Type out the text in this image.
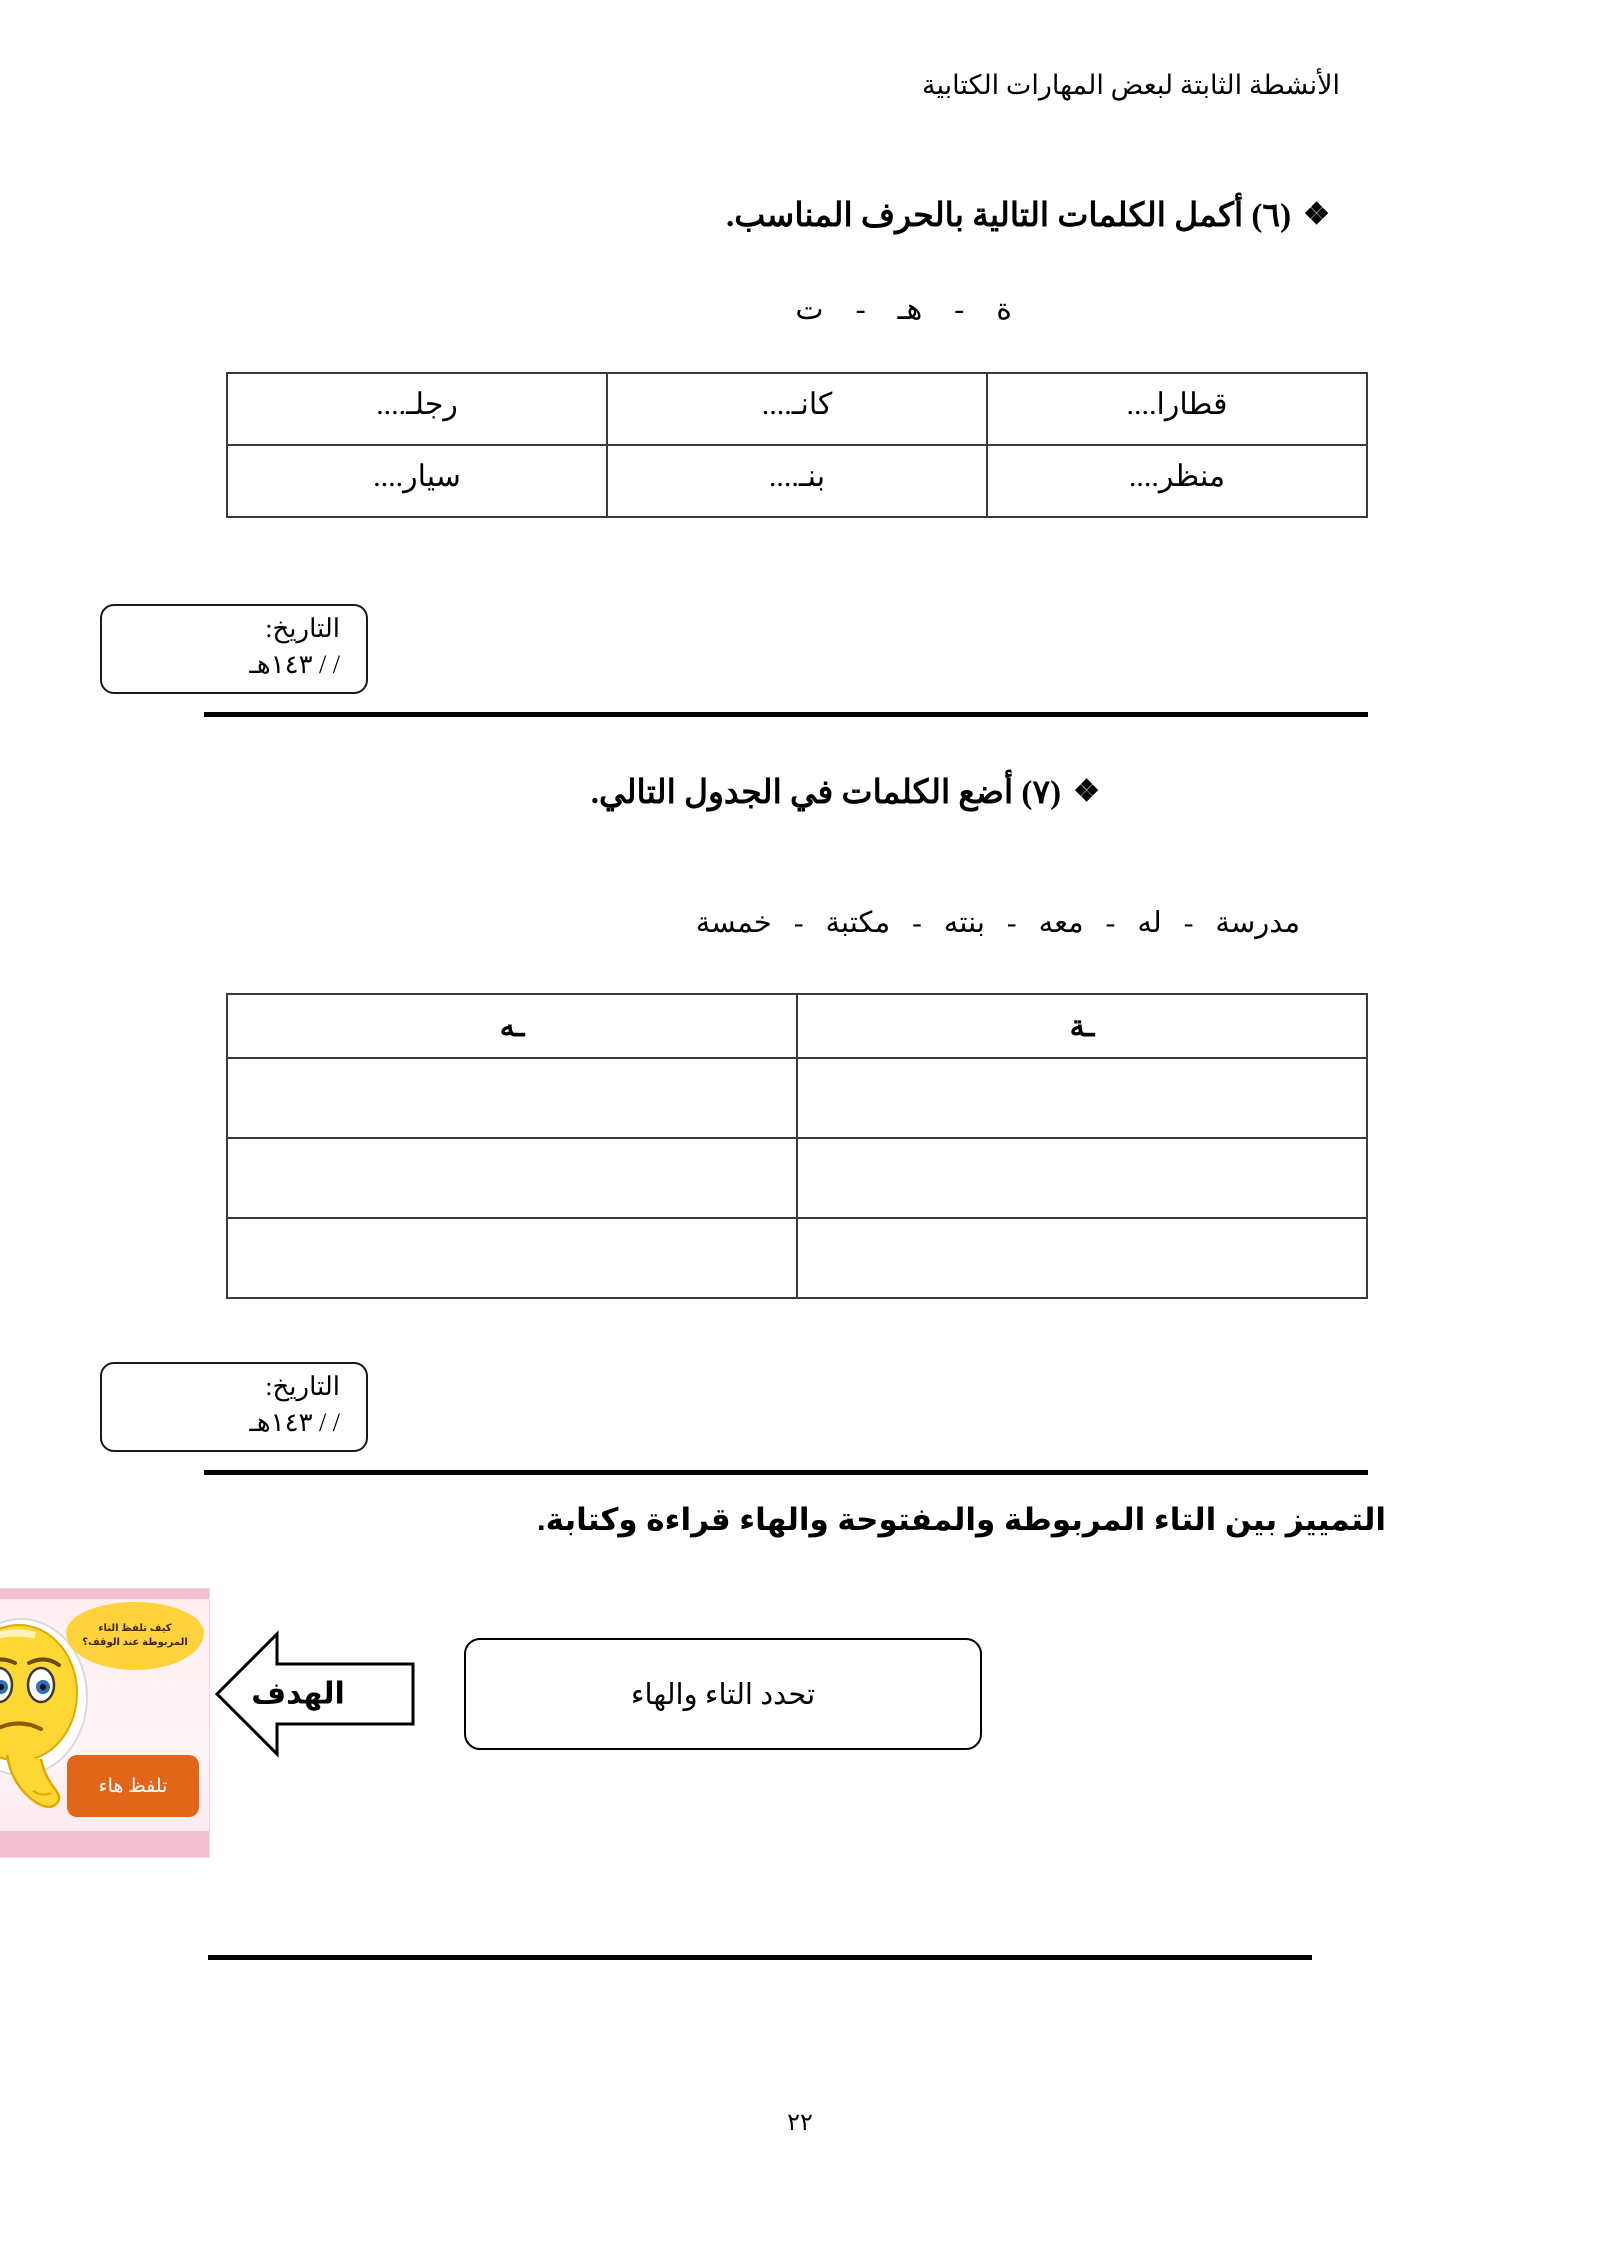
الأنشطة الثابتة لبعض المهارات الكتابية
❖(٦) أكمل الكلمات التالية بالحرف المناسب.
ة-هـ-ت
قطارا....	كانـ....	رجلـ....

منظر....	بنـ....	سيار....
التاريخ:
/ / ١٤٣هـ
❖(٧) أضع الكلمات في الجدول التالي.
مدرسة-له-معه-بنته-مكتبة-خمسة
ـة	ـه

التاريخ:
/ / ١٤٣هـ
التمييز بين التاء المربوطة والمفتوحة والهاء قراءة وكتابة.
الهدف	تحدد التاء والهاء
كيف تلفظ التاء المربوطة عند الوقف؟
تلفظ هاء
٢٢
